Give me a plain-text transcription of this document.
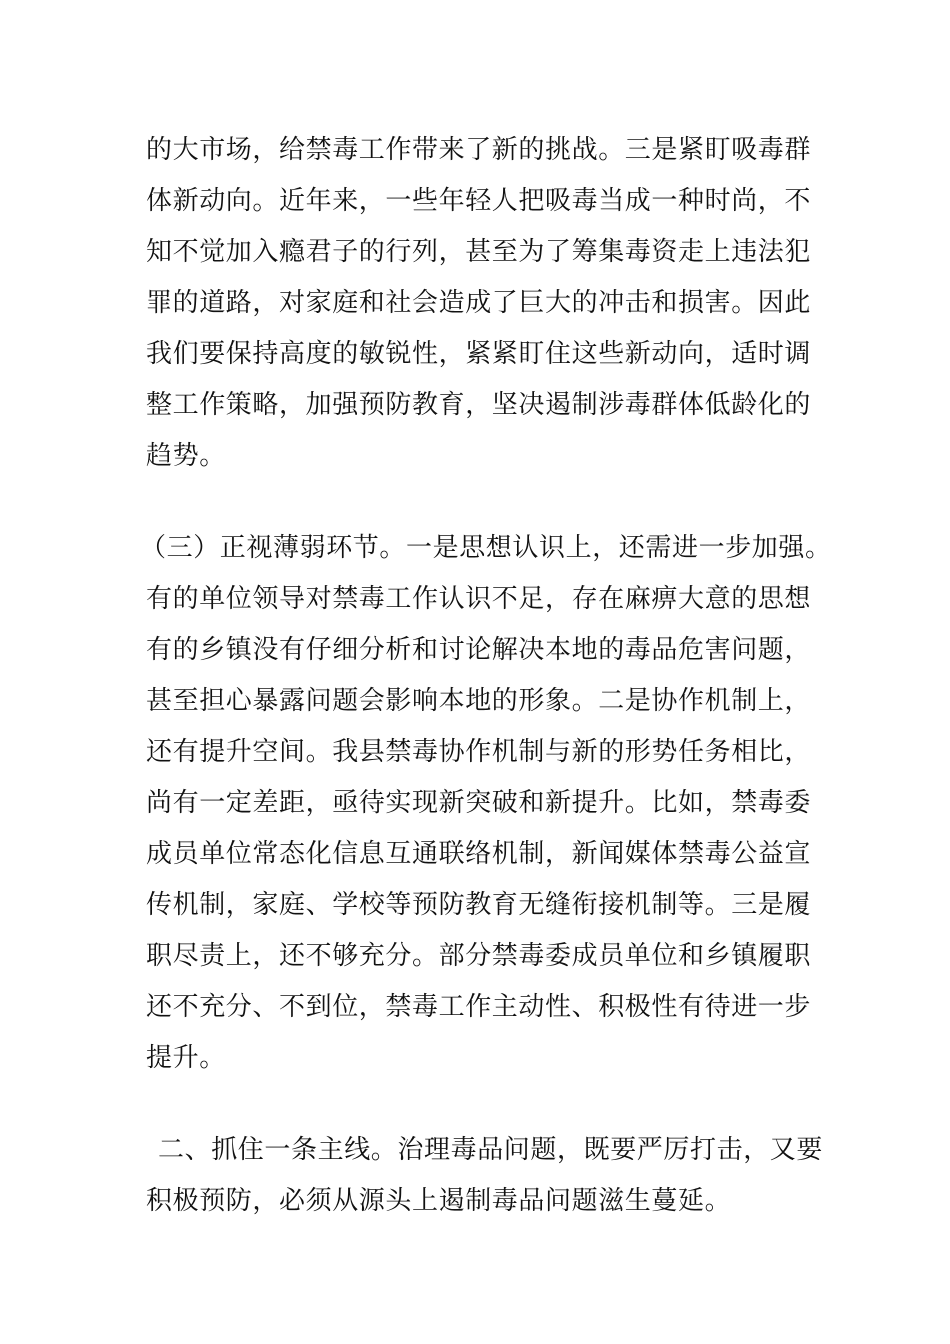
的大市场，给禁毒工作带来了新的挑战。三是紧盯吸毒群
体新动向。近年来，一些年轻人把吸毒当成一种时尚，不
知不觉加入瘾君子的行列，甚至为了筹集毒资走上违法犯
罪的道路，对家庭和社会造成了巨大的冲击和损害。因此
我们要保持高度的敏锐性，紧紧盯住这些新动向，适时调
整工作策略，加强预防教育，坚决遏制涉毒群体低龄化的
趋势。
（三）正视薄弱环节。一是思想认识上，还需进一步加强。
有的单位领导对禁毒工作认识不足，存在麻痹大意的思想
有的乡镇没有仔细分析和讨论解决本地的毒品危害问题，
甚至担心暴露问题会影响本地的形象。二是协作机制上，
还有提升空间。我县禁毒协作机制与新的形势任务相比，
尚有一定差距，亟待实现新突破和新提升。比如，禁毒委
成员单位常态化信息互通联络机制，新闻媒体禁毒公益宣
传机制，家庭、学校等预防教育无缝衔接机制等。三是履
职尽责上，还不够充分。部分禁毒委成员单位和乡镇履职
还不充分、不到位，禁毒工作主动性、积极性有待进一步
提升。
二、抓住一条主线。治理毒品问题，既要严厉打击，又要
积极预防，必须从源头上遏制毒品问题滋生蔓延。
